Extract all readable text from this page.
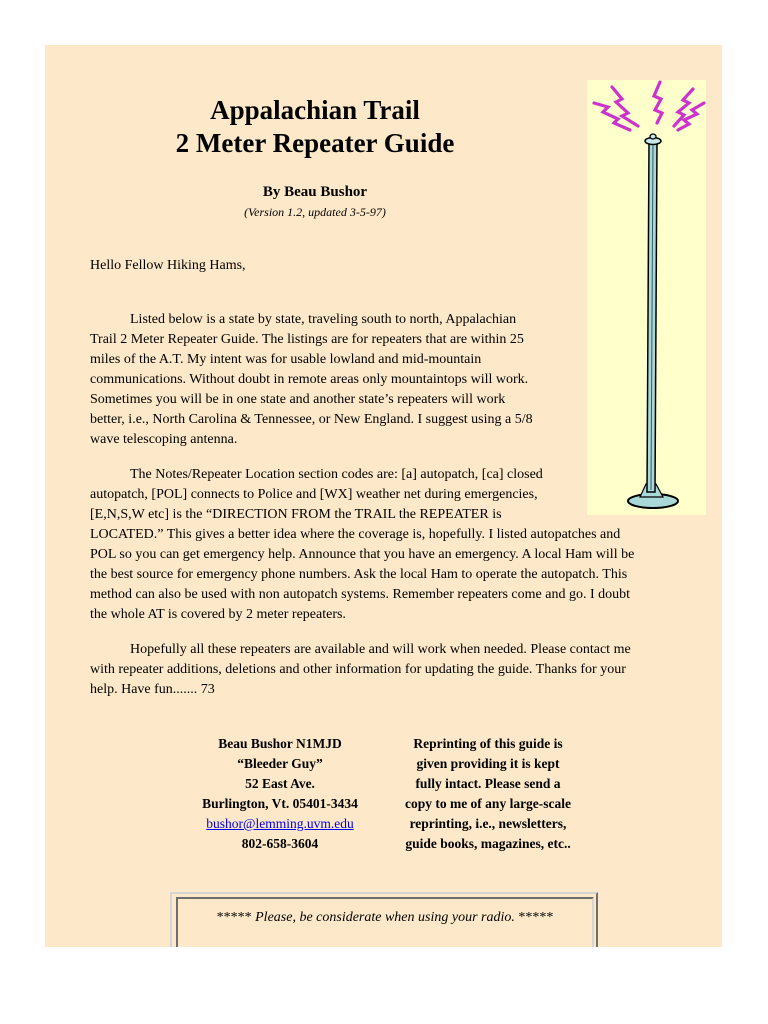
Appalachian Trail
2 Meter Repeater Guide
By Beau Bushor
(Version 1.2, updated 3-5-97)
Hello Fellow Hiking Hams,
Listed below is a state by state, traveling south to north, Appalachian
Trail 2 Meter Repeater Guide. The listings are for repeaters that are within 25
miles of the A.T. My intent was for usable lowland and mid-mountain
communications. Without doubt in remote areas only mountaintops will work.
Sometimes you will be in one state and another state’s repeaters will work
better, i.e., North Carolina & Tennessee, or New England. I suggest using a 5/8
wave telescoping antenna.
The Notes/Repeater Location section codes are: [a] autopatch, [ca] closed
autopatch, [POL] connects to Police and [WX] weather net during emergencies,
[E,N,S,W etc] is the “DIRECTION FROM the TRAIL the REPEATER is
LOCATED.” This gives a better idea where the coverage is, hopefully. I listed autopatches and
POL so you can get emergency help. Announce that you have an emergency. A local Ham will be
the best source for emergency phone numbers. Ask the local Ham to operate the autopatch. This
method can also be used with non autopatch systems. Remember repeaters come and go. I doubt
the whole AT is covered by 2 meter repeaters.
Hopefully all these repeaters are available and will work when needed. Please contact me
with repeater additions, deletions and other information for updating the guide. Thanks for your
help. Have fun....... 73
Beau Bushor N1MJD
“Bleeder Guy”
52 East Ave.
Burlington, Vt. 05401-3434
bushor@lemming.uvm.edu
802-658-3604
Reprinting of this guide is
given providing it is kept
fully intact. Please send a
copy to me of any large-scale
reprinting, i.e., newsletters,
guide books, magazines, etc..
***** Please, be considerate when using your radio. *****
